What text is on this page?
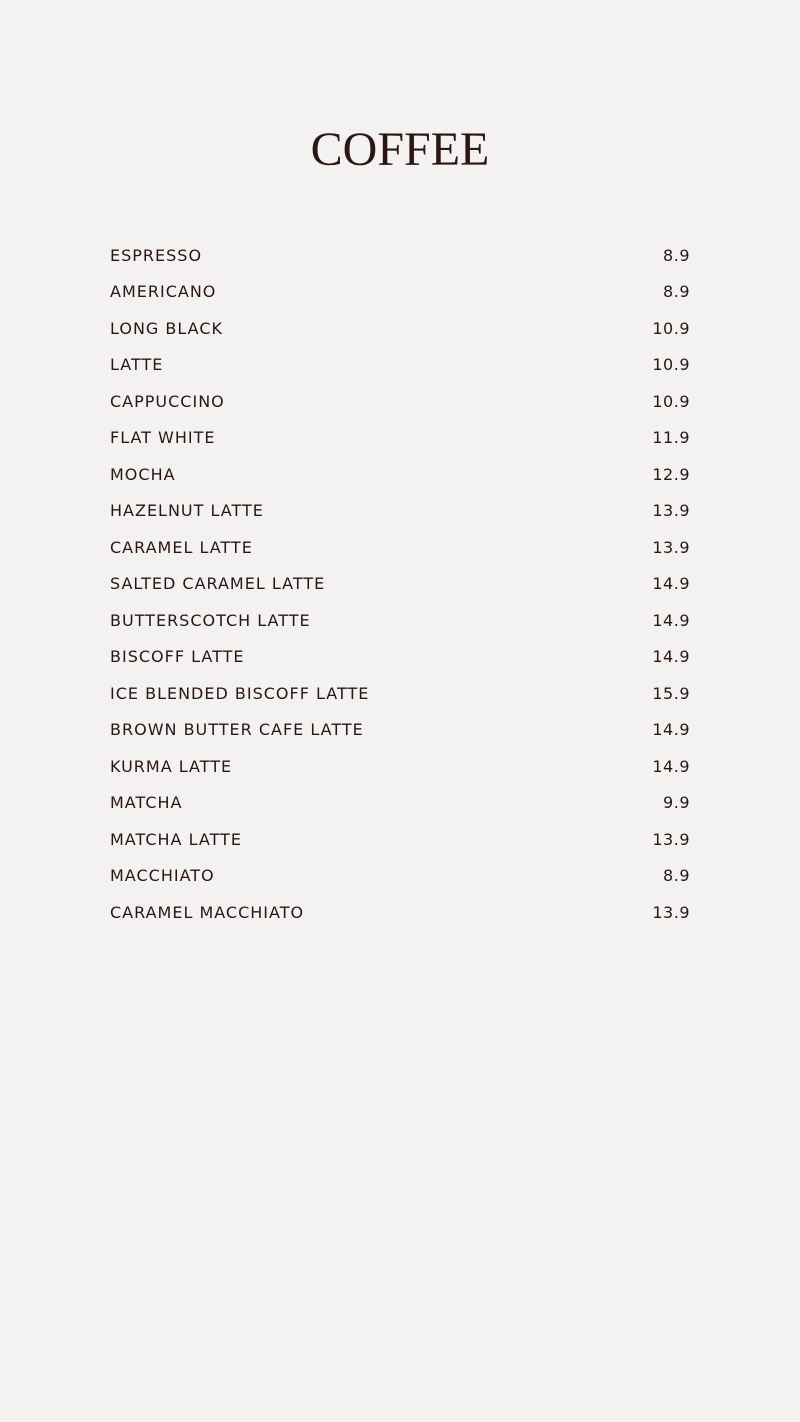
COFFEE
ESPRESSO	8.9
AMERICANO	8.9
LONG BLACK	10.9
LATTE	10.9
CAPPUCCINO	10.9
FLAT WHITE	11.9
MOCHA	12.9
HAZELNUT LATTE	13.9
CARAMEL LATTE	13.9
SALTED CARAMEL LATTE	14.9
BUTTERSCOTCH LATTE	14.9
BISCOFF LATTE	14.9
ICE BLENDED BISCOFF LATTE	15.9
BROWN BUTTER CAFE LATTE	14.9
KURMA LATTE	14.9
MATCHA	9.9
MATCHA LATTE	13.9
MACCHIATO	8.9
CARAMEL MACCHIATO	13.9
